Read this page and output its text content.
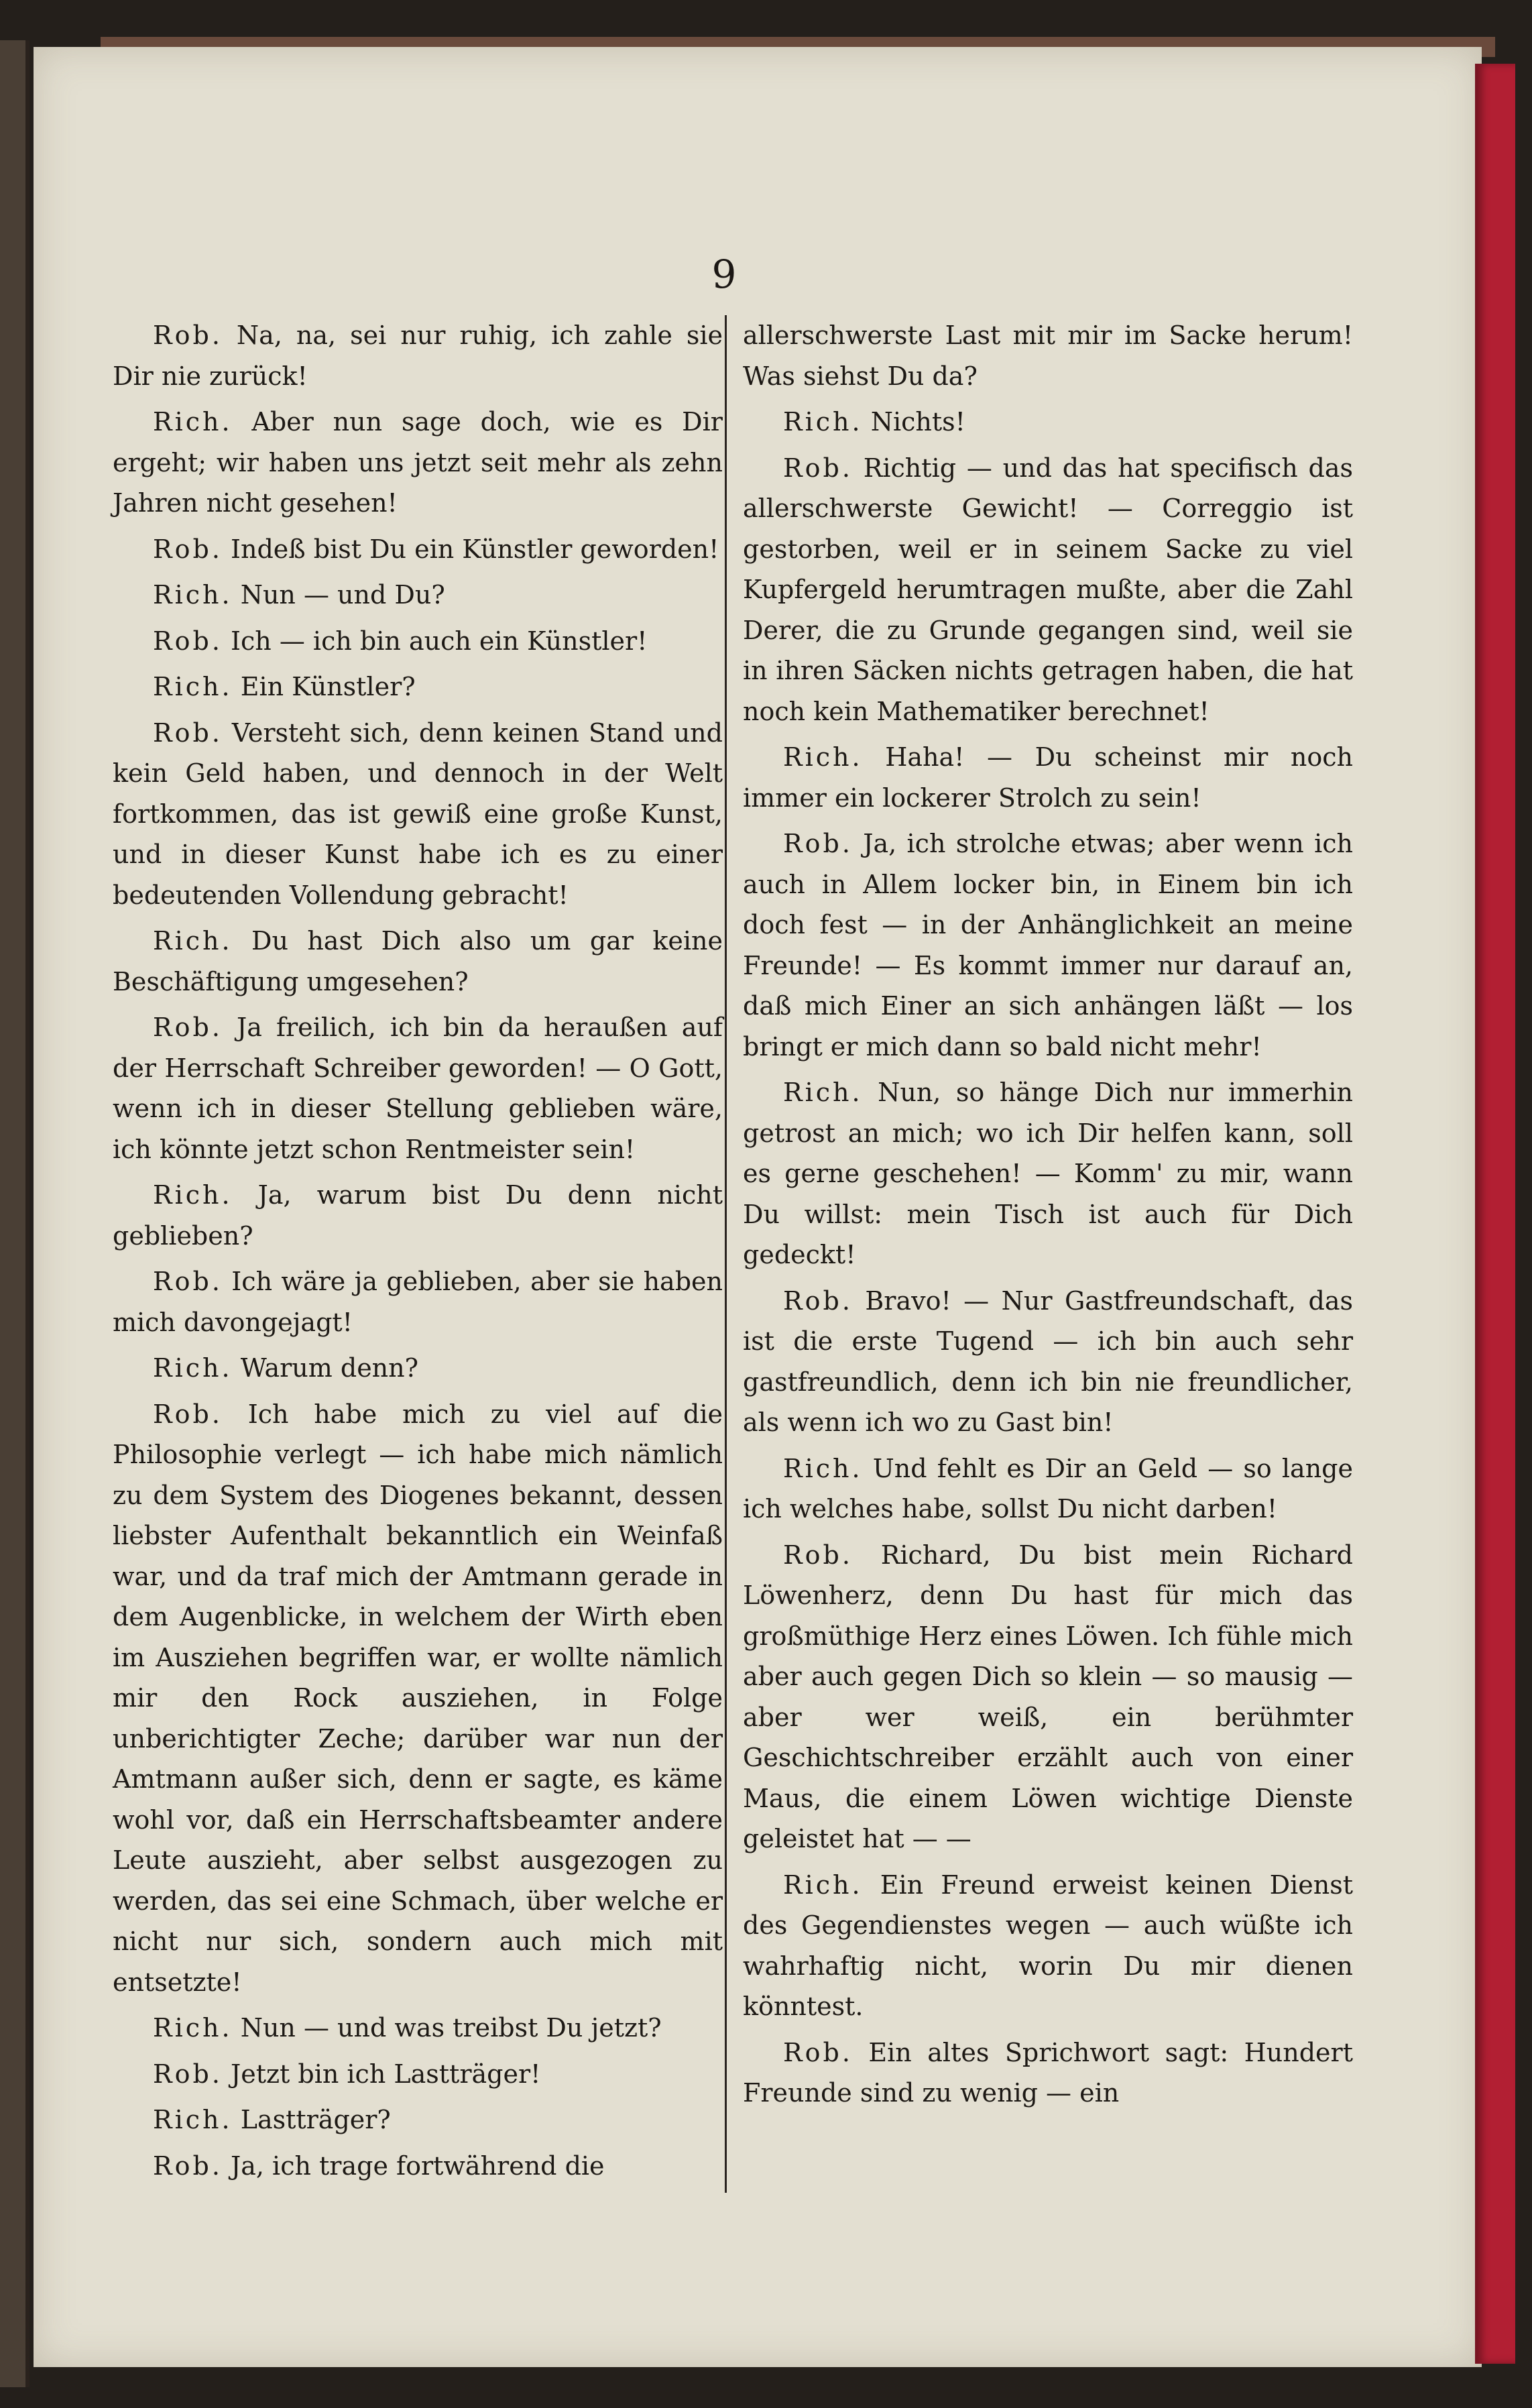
9

Rob. Na, na, sei nur ruhig, ich zahle sie Dir nie zurück!

Rich. Aber nun sage doch, wie es Dir ergeht; wir haben uns jetzt seit mehr als zehn Jahren nicht gesehen!

Rob. Indeß bist Du ein Künstler geworden!

Rich. Nun — und Du?

Rob. Ich — ich bin auch ein Künstler!

Rich. Ein Künstler?

Rob. Versteht sich, denn keinen Stand und kein Geld haben, und dennoch in der Welt fortkommen, das ist gewiß eine große Kunst, und in dieser Kunst habe ich es zu einer bedeutenden Vollendung gebracht!

Rich. Du hast Dich also um gar keine Beschäftigung umgesehen?

Rob. Ja freilich, ich bin da heraußen auf der Herrschaft Schreiber geworden! — O Gott, wenn ich in dieser Stellung geblieben wäre, ich könnte jetzt schon Rentmeister sein!

Rich. Ja, warum bist Du denn nicht geblieben?

Rob. Ich wäre ja geblieben, aber sie haben mich davongejagt!

Rich. Warum denn?

Rob. Ich habe mich zu viel auf die Philosophie verlegt — ich habe mich nämlich zu dem System des Diogenes bekannt, dessen liebster Aufenthalt bekanntlich ein Weinfaß war, und da traf mich der Amtmann gerade in dem Augenblicke, in welchem der Wirth eben im Ausziehen begriffen war, er wollte nämlich mir den Rock ausziehen, in Folge unberichtigter Zeche; darüber war nun der Amtmann außer sich, denn er sagte, es käme wohl vor, daß ein Herrschaftsbeamter andere Leute auszieht, aber selbst ausgezogen zu werden, das sei eine Schmach, über welche er nicht nur sich, sondern auch mich mit entsetzte!

Rich. Nun — und was treibst Du jetzt?

Rob. Jetzt bin ich Lastträger!

Rich. Lastträger?

Rob. Ja, ich trage fortwährend die

allerschwerste Last mit mir im Sacke herum! Was siehst Du da?

Rich. Nichts!

Rob. Richtig — und das hat specifisch das allerschwerste Gewicht! — Correggio ist gestorben, weil er in seinem Sacke zu viel Kupfergeld herumtragen mußte, aber die Zahl Derer, die zu Grunde gegangen sind, weil sie in ihren Säcken nichts getragen haben, die hat noch kein Mathematiker berechnet!

Rich. Haha! — Du scheinst mir noch immer ein lockerer Strolch zu sein!

Rob. Ja, ich strolche etwas; aber wenn ich auch in Allem locker bin, in Einem bin ich doch fest — in der Anhänglichkeit an meine Freunde! — Es kommt immer nur darauf an, daß mich Einer an sich anhängen läßt — los bringt er mich dann so bald nicht mehr!

Rich. Nun, so hänge Dich nur immerhin getrost an mich; wo ich Dir helfen kann, soll es gerne geschehen! — Komm' zu mir, wann Du willst: mein Tisch ist auch für Dich gedeckt!

Rob. Bravo! — Nur Gastfreundschaft, das ist die erste Tugend — ich bin auch sehr gastfreundlich, denn ich bin nie freundlicher, als wenn ich wo zu Gast bin!

Rich. Und fehlt es Dir an Geld — so lange ich welches habe, sollst Du nicht darben!

Rob. Richard, Du bist mein Richard Löwenherz, denn Du hast für mich das großmüthige Herz eines Löwen. Ich fühle mich aber auch gegen Dich so klein — so mausig — aber wer weiß, ein berühmter Geschichtschreiber erzählt auch von einer Maus, die einem Löwen wichtige Dienste geleistet hat — —

Rich. Ein Freund erweist keinen Dienst des Gegendienstes wegen — auch wüßte ich wahrhaftig nicht, worin Du mir dienen könntest.

Rob. Ein altes Sprichwort sagt: Hundert Freunde sind zu wenig — ein
